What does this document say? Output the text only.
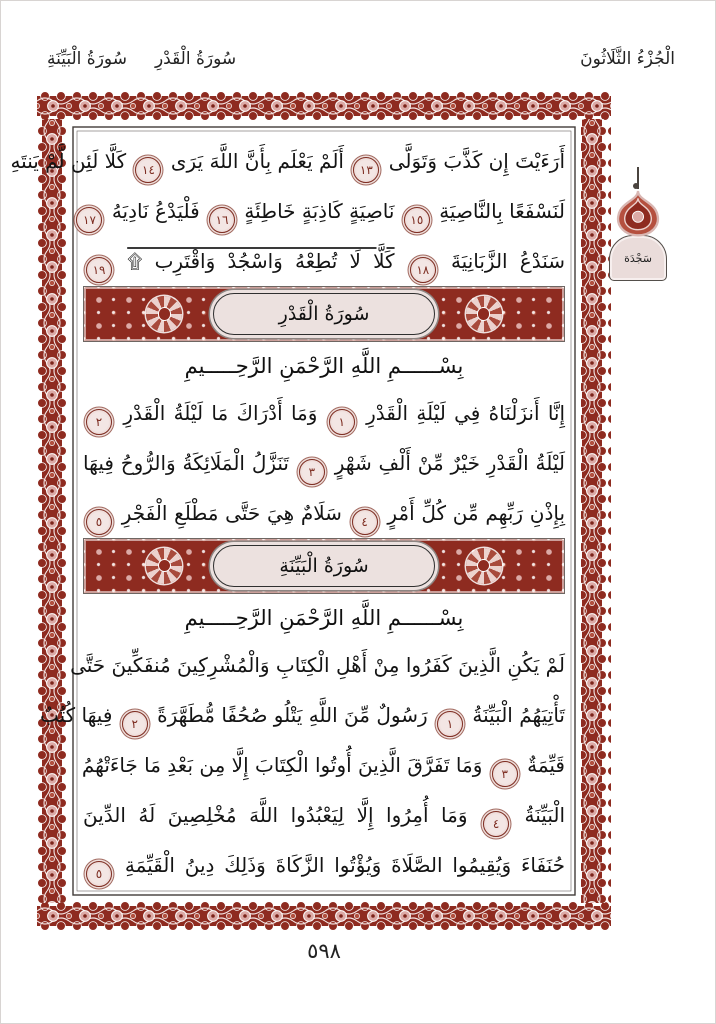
سُورَةُ الْقَدْرِسُورَةُ الْبَيِّنَةِ	الْجُزْءُ الثَّلَاثُونَ
أَرَءَيْتَ إِن كَذَّبَ وَتَوَلَّى ١٣ أَلَمْ يَعْلَم بِأَنَّ اللَّهَ يَرَى ١٤ كَلَّا لَئِن لَّمْ يَنتَهِ
لَنَسْفَعًا بِالنَّاصِيَةِ ١٥ نَاصِيَةٍ كَاذِبَةٍ خَاطِئَةٍ ١٦ فَلْيَدْعُ نَادِيَهُ ١٧
سَنَدْعُ الزَّبَانِيَةَ ١٨ كَلَّا لَا تُطِعْهُ وَاسْجُدْ وَاقْتَرِب ۩ ١٩
سُورَةُ الْقَدْرِ
بِسْــــــمِ اللَّهِ الرَّحْمَنِ الرَّحِـــــيمِ
إِنَّا أَنزَلْنَاهُ فِي لَيْلَةِ الْقَدْرِ ١ وَمَا أَدْرَاكَ مَا لَيْلَةُ الْقَدْرِ ٢
لَيْلَةُ الْقَدْرِ خَيْرٌ مِّنْ أَلْفِ شَهْرٍ ٣ تَنَزَّلُ الْمَلَائِكَةُ وَالرُّوحُ فِيهَا
بِإِذْنِ رَبِّهِم مِّن كُلِّ أَمْرٍ ٤ سَلَامٌ هِيَ حَتَّى مَطْلَعِ الْفَجْرِ ٥
سُورَةُ الْبَيِّنَةِ
بِسْــــــمِ اللَّهِ الرَّحْمَنِ الرَّحِـــــيمِ
لَمْ يَكُنِ الَّذِينَ كَفَرُوا مِنْ أَهْلِ الْكِتَابِ وَالْمُشْرِكِينَ مُنفَكِّينَ حَتَّى
تَأْتِيَهُمُ الْبَيِّنَةُ ١ رَسُولٌ مِّنَ اللَّهِ يَتْلُو صُحُفًا مُّطَهَّرَةً ٢ فِيهَا كُتُبٌ
قَيِّمَةٌ ٣ وَمَا تَفَرَّقَ الَّذِينَ أُوتُوا الْكِتَابَ إِلَّا مِن بَعْدِ مَا جَاءَتْهُمُ
الْبَيِّنَةُ ٤ وَمَا أُمِرُوا إِلَّا لِيَعْبُدُوا اللَّهَ مُخْلِصِينَ لَهُ الدِّينَ
حُنَفَاءَ وَيُقِيمُوا الصَّلَاةَ وَيُؤْتُوا الزَّكَاةَ وَذَلِكَ دِينُ الْقَيِّمَةِ ٥
سَجْدَة
٥٩٨
